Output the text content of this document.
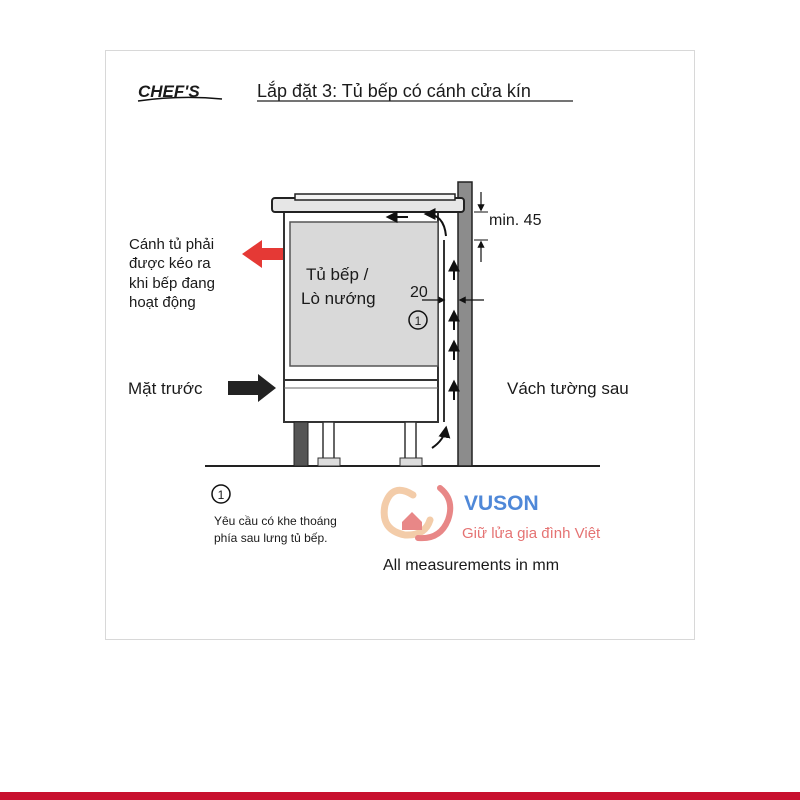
CHEF'S	Lắp đặt 3: Tủ bếp có cánh cửa kín
min. 45
20
1
Tủ bếp /
Lò nướng
Cánh tủ phải
được kéo ra
khi bếp đang
hoạt động
Mặt trước	Vách tường sau
1
Yêu cầu có khe thoáng
phía sau lưng tủ bếp.
VUSON
Giữ lửa gia đình Việt
All measurements in mm
